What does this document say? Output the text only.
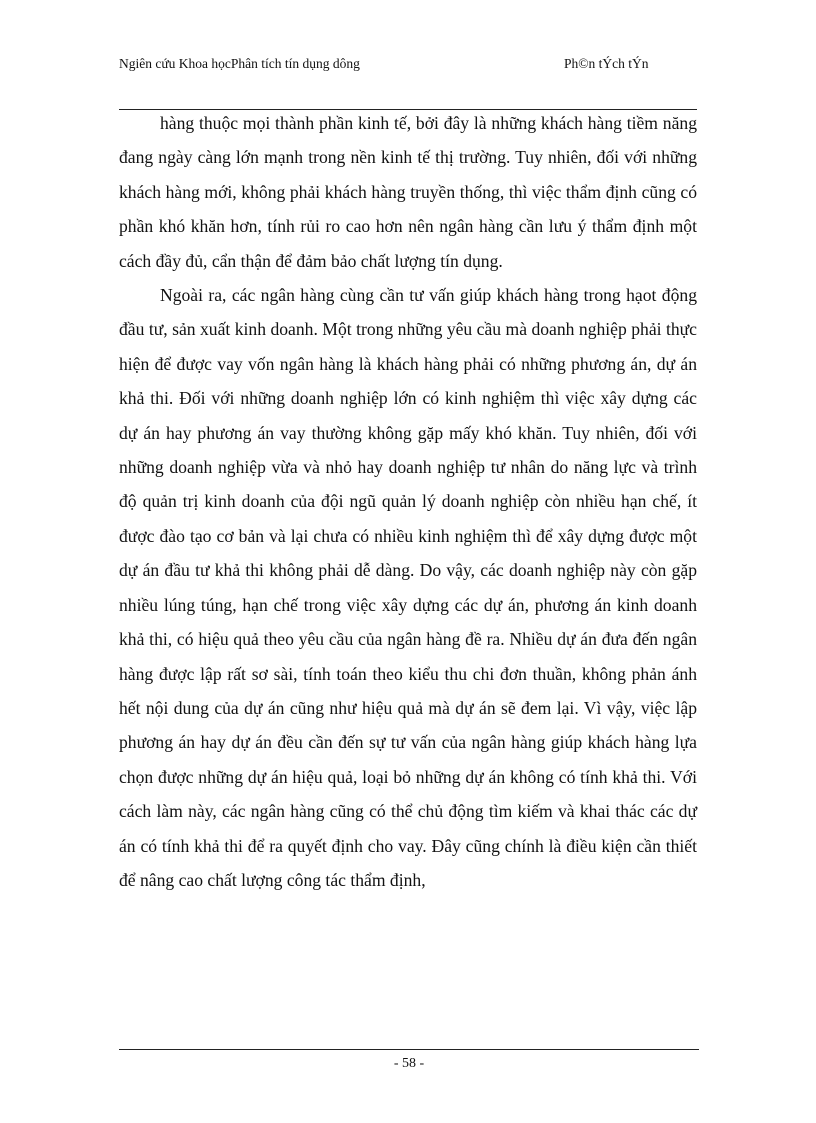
Ngiên cứu Khoa họcPhân tích tín dụng dông	Ph©n tÝch tÝn

hàng thuộc mọi thành phần kinh tế, bởi đây là những khách hàng tiềm năng đang ngày càng lớn mạnh trong nền kinh tế thị trường. Tuy nhiên, đối với những khách hàng mới, không phải khách hàng truyền thống, thì việc thẩm định cũng có phần khó khăn hơn, tính rủi ro cao hơn nên ngân hàng cần lưu ý thẩm định một cách đầy đủ, cẩn thận để đảm bảo chất lượng tín dụng.

Ngoài ra, các ngân hàng cùng cần tư vấn giúp khách hàng trong hạot động đầu tư, sản xuất kinh doanh. Một trong những yêu cầu mà doanh nghiệp phải thực hiện để được vay vốn ngân hàng là khách hàng phải có những phương án, dự án khả thi. Đối với những doanh nghiệp lớn có kinh nghiệm thì việc xây dựng các dự án hay phương án vay thường không gặp mấy khó khăn. Tuy nhiên, đối với những doanh nghiệp vừa và nhỏ hay doanh nghiệp tư nhân do năng lực và trình độ quản trị kinh doanh của đội ngũ quản lý doanh nghiệp còn nhiều hạn chế, ít được đào tạo cơ bản và lại chưa có nhiều kinh nghiệm thì để xây dựng được một dự án đầu tư khả thi không phải dễ dàng. Do vậy, các doanh nghiệp này còn gặp nhiều lúng túng, hạn chế trong việc xây dựng các dự án, phương án kinh doanh khả thi, có hiệu quả theo yêu cầu của ngân hàng đề ra. Nhiều dự án đưa đến ngân hàng được lập rất sơ sài, tính toán theo kiểu thu chi đơn thuần, không phản ánh hết nội dung của dự án cũng như hiệu quả mà dự án sẽ đem lại. Vì vậy, việc lập phương án hay dự án đều cần đến sự tư vấn của ngân hàng giúp khách hàng lựa chọn được những dự án hiệu quả, loại bỏ những dự án không có tính khả thi. Với cách làm này, các ngân hàng cũng có thể chủ động tìm kiếm và khai thác các dự án có tính khả thi để ra quyết định cho vay. Đây cũng chính là điều kiện cần thiết để nâng cao chất lượng công tác thẩm định,

- 58 -
